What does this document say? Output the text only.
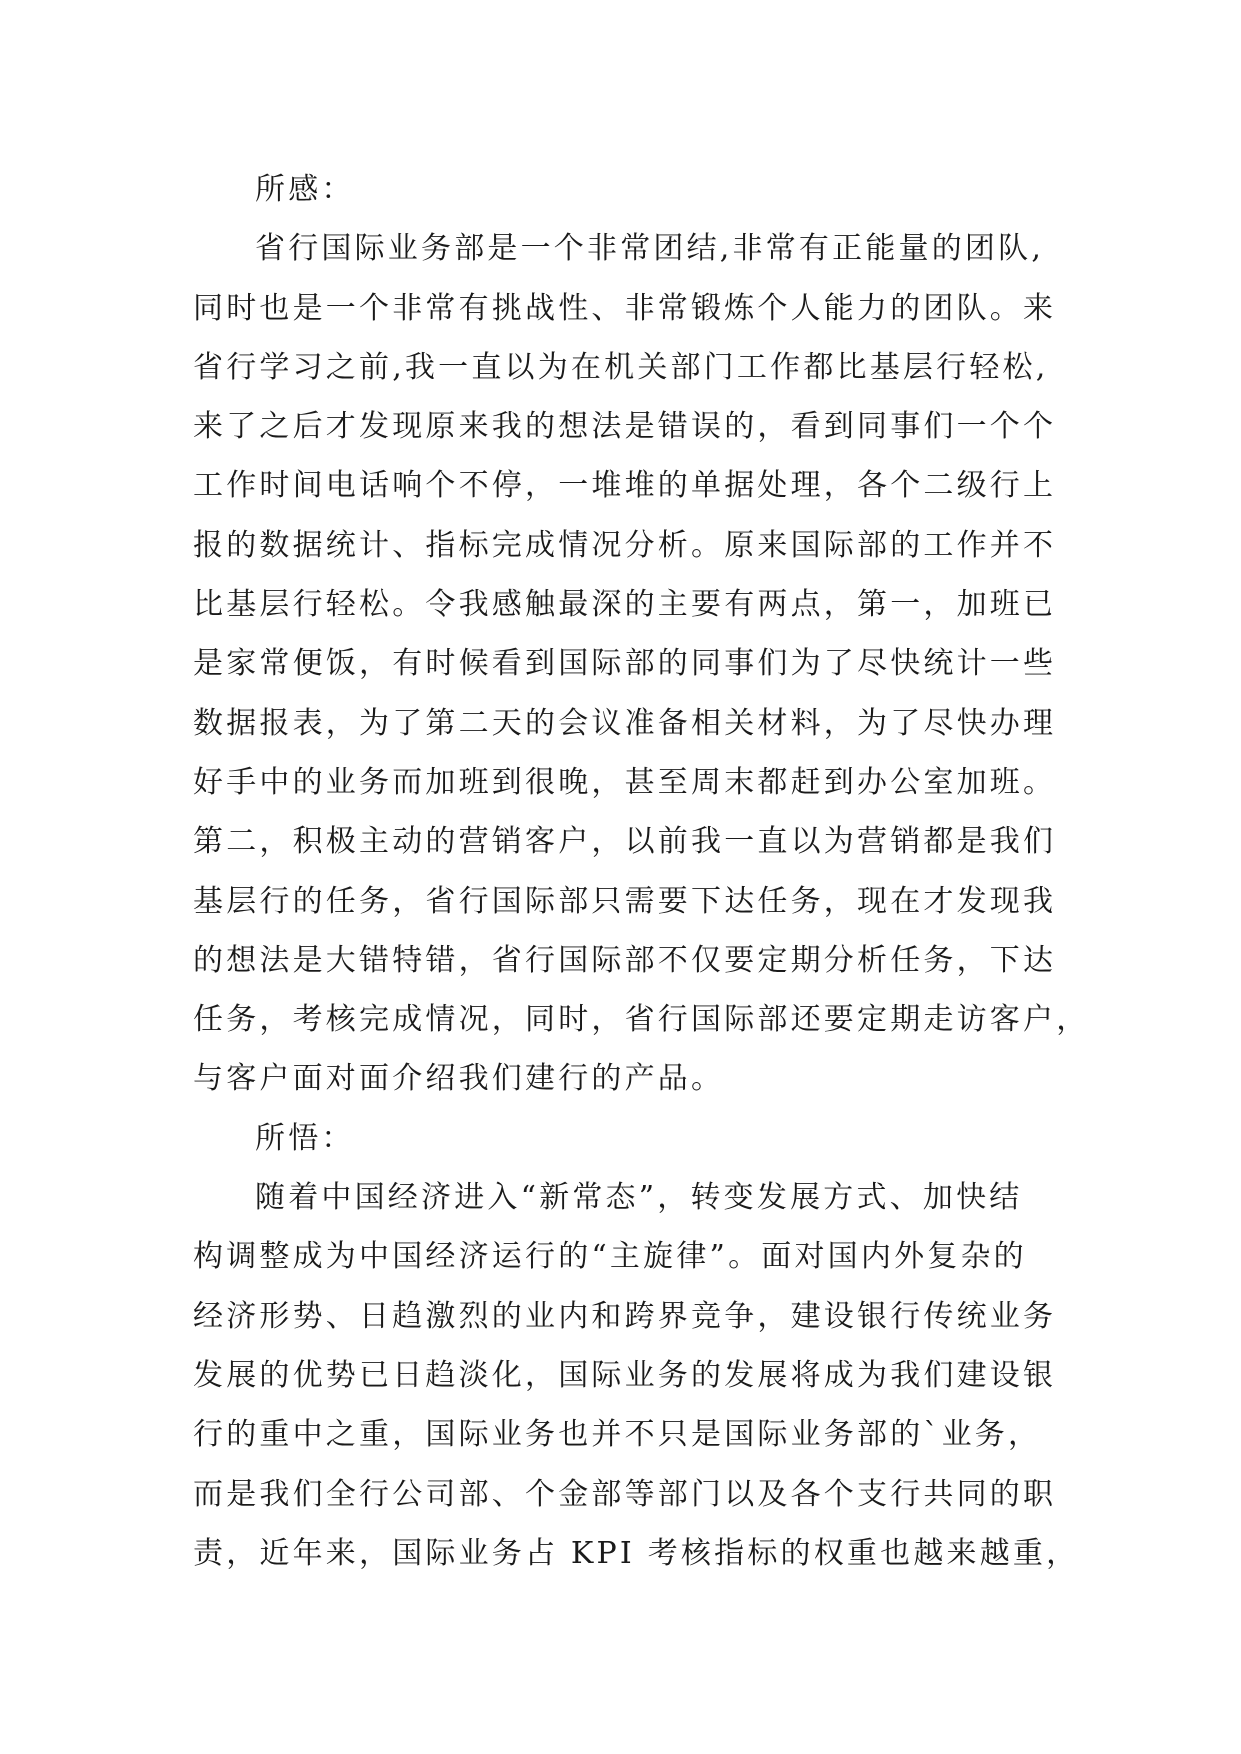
所感：

省行国际业务部是一个非常团结,非常有正能量的团队,

同时也是一个非常有挑战性、非常锻炼个人能力的团队。来

省行学习之前,我一直以为在机关部门工作都比基层行轻松,

来了之后才发现原来我的想法是错误的，看到同事们一个个

工作时间电话响个不停，一堆堆的单据处理，各个二级行上

报的数据统计、指标完成情况分析。原来国际部的工作并不

比基层行轻松。令我感触最深的主要有两点，第一，加班已

是家常便饭，有时候看到国际部的同事们为了尽快统计一些

数据报表，为了第二天的会议准备相关材料，为了尽快办理

好手中的业务而加班到很晚，甚至周末都赶到办公室加班。

第二，积极主动的营销客户，以前我一直以为营销都是我们

基层行的任务，省行国际部只需要下达任务，现在才发现我

的想法是大错特错，省行国际部不仅要定期分析任务，下达

任务，考核完成情况，同时，省行国际部还要定期走访客户，

与客户面对面介绍我们建行的产品。

所悟：

随着中国经济进入“新常态”，转变发展方式、加快结

构调整成为中国经济运行的“主旋律”。面对国内外复杂的

经济形势、日趋激烈的业内和跨界竞争，建设银行传统业务

发展的优势已日趋淡化，国际业务的发展将成为我们建设银

行的重中之重，国际业务也并不只是国际业务部的`业务，

而是我们全行公司部、个金部等部门以及各个支行共同的职

责，近年来，国际业务占 KPI 考核指标的权重也越来越重，
